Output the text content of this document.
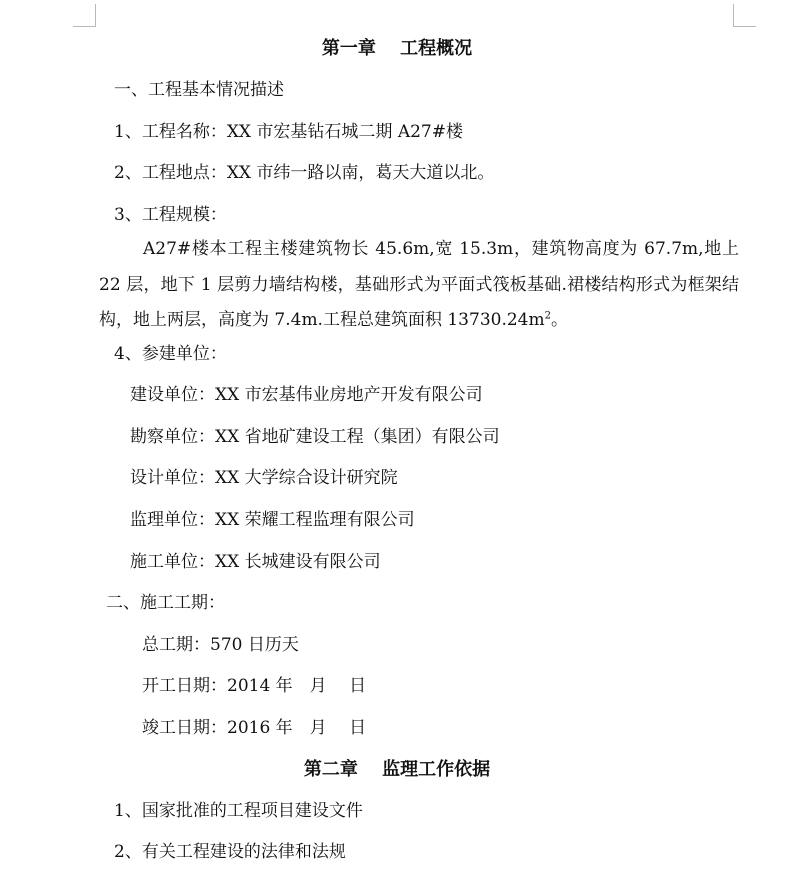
第一章　 工程概况
一、工程基本情况描述
1、工程名称：XX 市宏基钻石城二期 A27#楼
2、工程地点：XX 市纬一路以南，葛天大道以北。
3、工程规模：

A27#楼本工程主楼建筑物长 45.6m,宽 15.3m，建筑物高度为 67.7m,地上 22 层，地下 1 层剪力墙结构楼，基础形式为平面式筏板基础.裙楼结构形式为框架结构，地上两层，高度为 7.4m.工程总建筑面积 $13730.24m^2$。

4、参建单位：
建设单位：XX 市宏基伟业房地产开发有限公司
勘察单位：XX 省地矿建设工程（集团）有限公司
设计单位：XX 大学综合设计研究院
监理单位：XX 荣耀工程监理有限公司
施工单位：XX 长城建设有限公司
二、施工工期：
总工期：570 日历天
开工日期：2014 年　月　 日
竣工日期：2016 年　月　 日
第二章　 监理工作依据
1、国家批准的工程项目建设文件
2、有关工程建设的法律和法规
